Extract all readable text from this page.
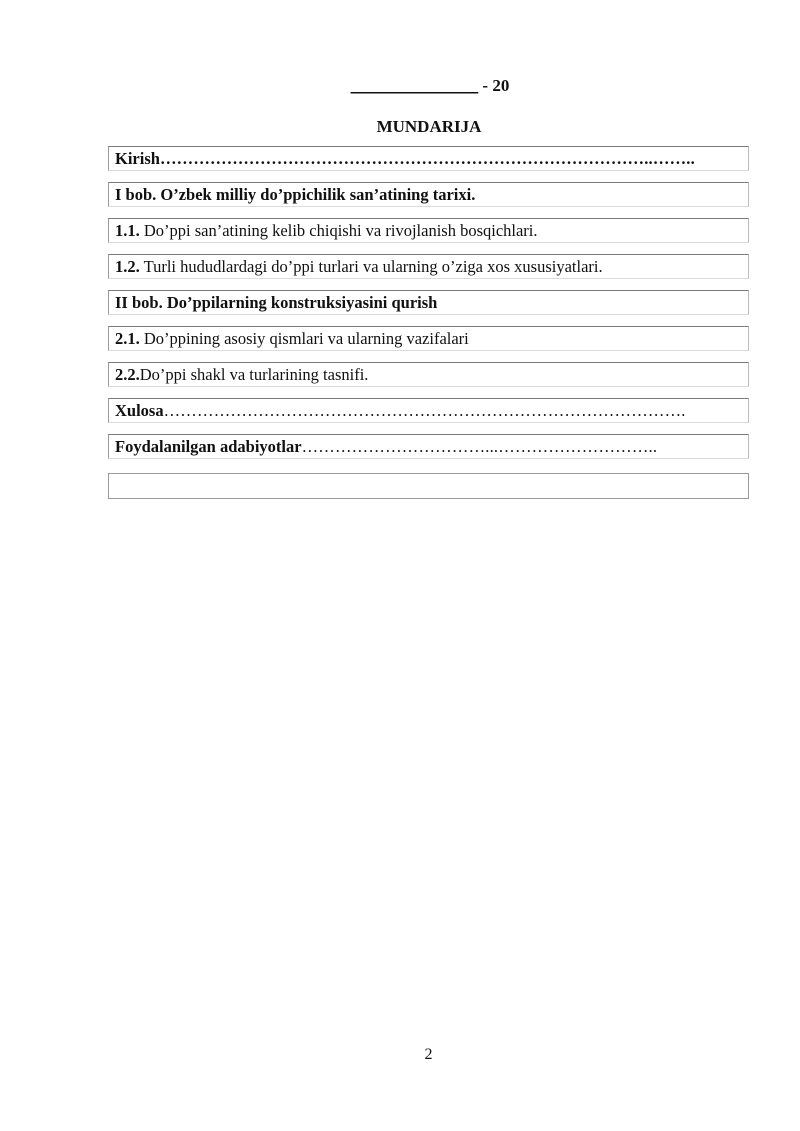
_______________ - 20
MUNDARIJA
Kirish……………………………………………………………………………..……..
I bob. O’zbek milliy do’ppichilik san’atining tarixi.
1.1. Do’ppi san’atining kelib chiqishi va rivojlanish bosqichlari.
1.2. Turli hududlardagi do’ppi turlari va ularning o’ziga xos xususiyatlari.
II bob. Do’ppilarning konstruksiyasini qurish
2.1. Do’ppining asosiy qismlari va ularning vazifalari
2.2.Do’ppi shakl va turlarining tasnifi.
Xulosa………………………………………………………………………………….
Foydalanilgan adabiyotlar……………………………...………………………..
2
